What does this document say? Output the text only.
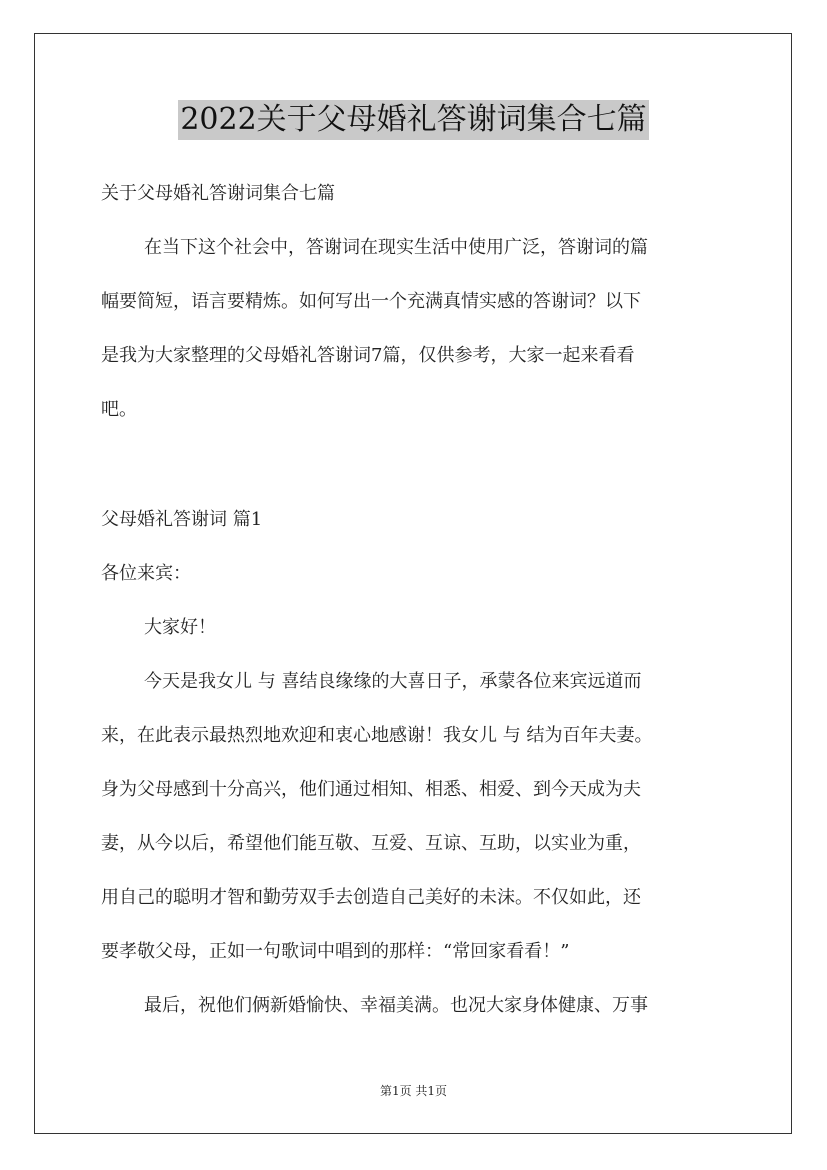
2022关于父母婚礼答谢词集合七篇
关于父母婚礼答谢词集合七篇
在当下这个社会中，答谢词在现实生活中使用广泛，答谢词的篇
幅要简短，语言要精炼。如何写出一个充满真情实感的答谢词？以下
是我为大家整理的父母婚礼答谢词7篇，仅供参考，大家一起来看看
吧。
父母婚礼答谢词 篇1
各位来宾：
大家好！
今天是我女儿 与 喜结良缘缘的大喜日子，承蒙各位来宾远道而
来，在此表示最热烈地欢迎和衷心地感谢！我女儿 与 结为百年夫妻。
身为父母感到十分高兴，他们通过相知、相悉、相爱、到今天成为夫
妻，从今以后，希望他们能互敬、互爱、互谅、互助，以实业为重，
用自己的聪明才智和勤劳双手去创造自己美好的未沫。不仅如此，还
要孝敬父母，正如一句歌词中唱到的那样：“常回家看看！”
最后，祝他们俩新婚愉快、幸福美满。也况大家身体健康、万事
第1页 共1页
